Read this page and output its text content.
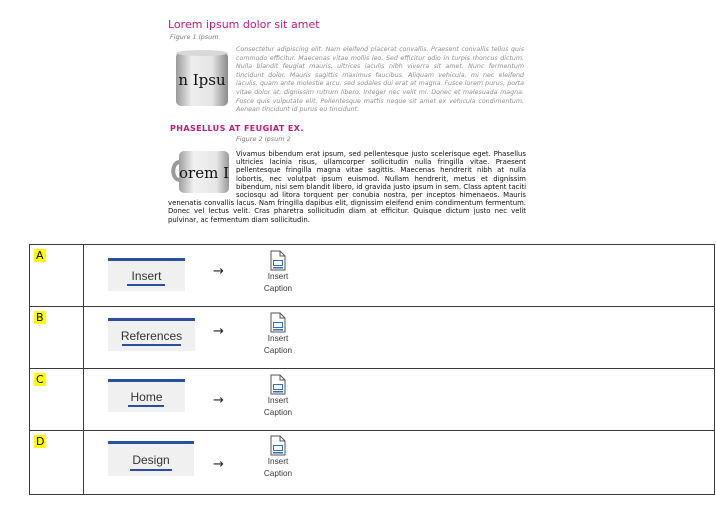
Lorem ipsum dolor sit amet
Figure 1 Ipsum
n Ipsu
Consectetur adipiscing elit. Nam eleifend placerat convallis. Praesent convallis tellus quis commodo efficitur. Maecenas vitae mollis leo. Sed efficitur odio in turpis rhoncus dictum. Nulla blandit feugiat mauris, ultrices iaculis nibh viverra sit amet. Nunc fermentum tincidunt dolor. Mauris sagittis maximus faucibus. Aliquam vehicula, mi nec eleifend iaculis, quam ante molestie arcu, sed sodales dui erat at magna. Fusce lorem purus, porta vitae dolor at, dignissim rutrum libero. Integer nec velit mi. Donec et malesuada magna. Fusce quis vulputate elit. Pellentesque mattis neque sit amet ex vehicula condimentum. Aenean tincidunt id purus eu tincidunt.
PHASELLUS AT FEUGIAT EX.
Figure 2 Ipsum 2
orem I
Vivamus bibendum erat ipsum, sed pellentesque justo scelerisque eget. Phasellus ultricies lacinia risus, ullamcorper sollicitudin nulla fringilla vitae. Praesent pellentesque fringilla magna vitae sagittis. Maecenas hendrerit nibh at nulla lobortis, nec volutpat ipsum euismod. Nullam hendrerit, metus et dignissim bibendum, nisi sem blandit libero, id gravida justo ipsum in sem. Class aptent taciti sociosqu ad litora torquent per conubia nostra, per inceptos himenaeos. Mauris venenatis convallis lacus. Nam fringilla dapibus elit, dignissim eleifend enim condimentum fermentum. Donec vel lectus velit. Cras pharetra sollicitudin diam at efficitur. Quisque dictum justo nec velit pulvinar, ac fermentum diam sollicitudin.
A	Insert → Insert
Caption

B	References → Insert
Caption

C	Home → Insert
Caption

D	Design → Insert
Caption
